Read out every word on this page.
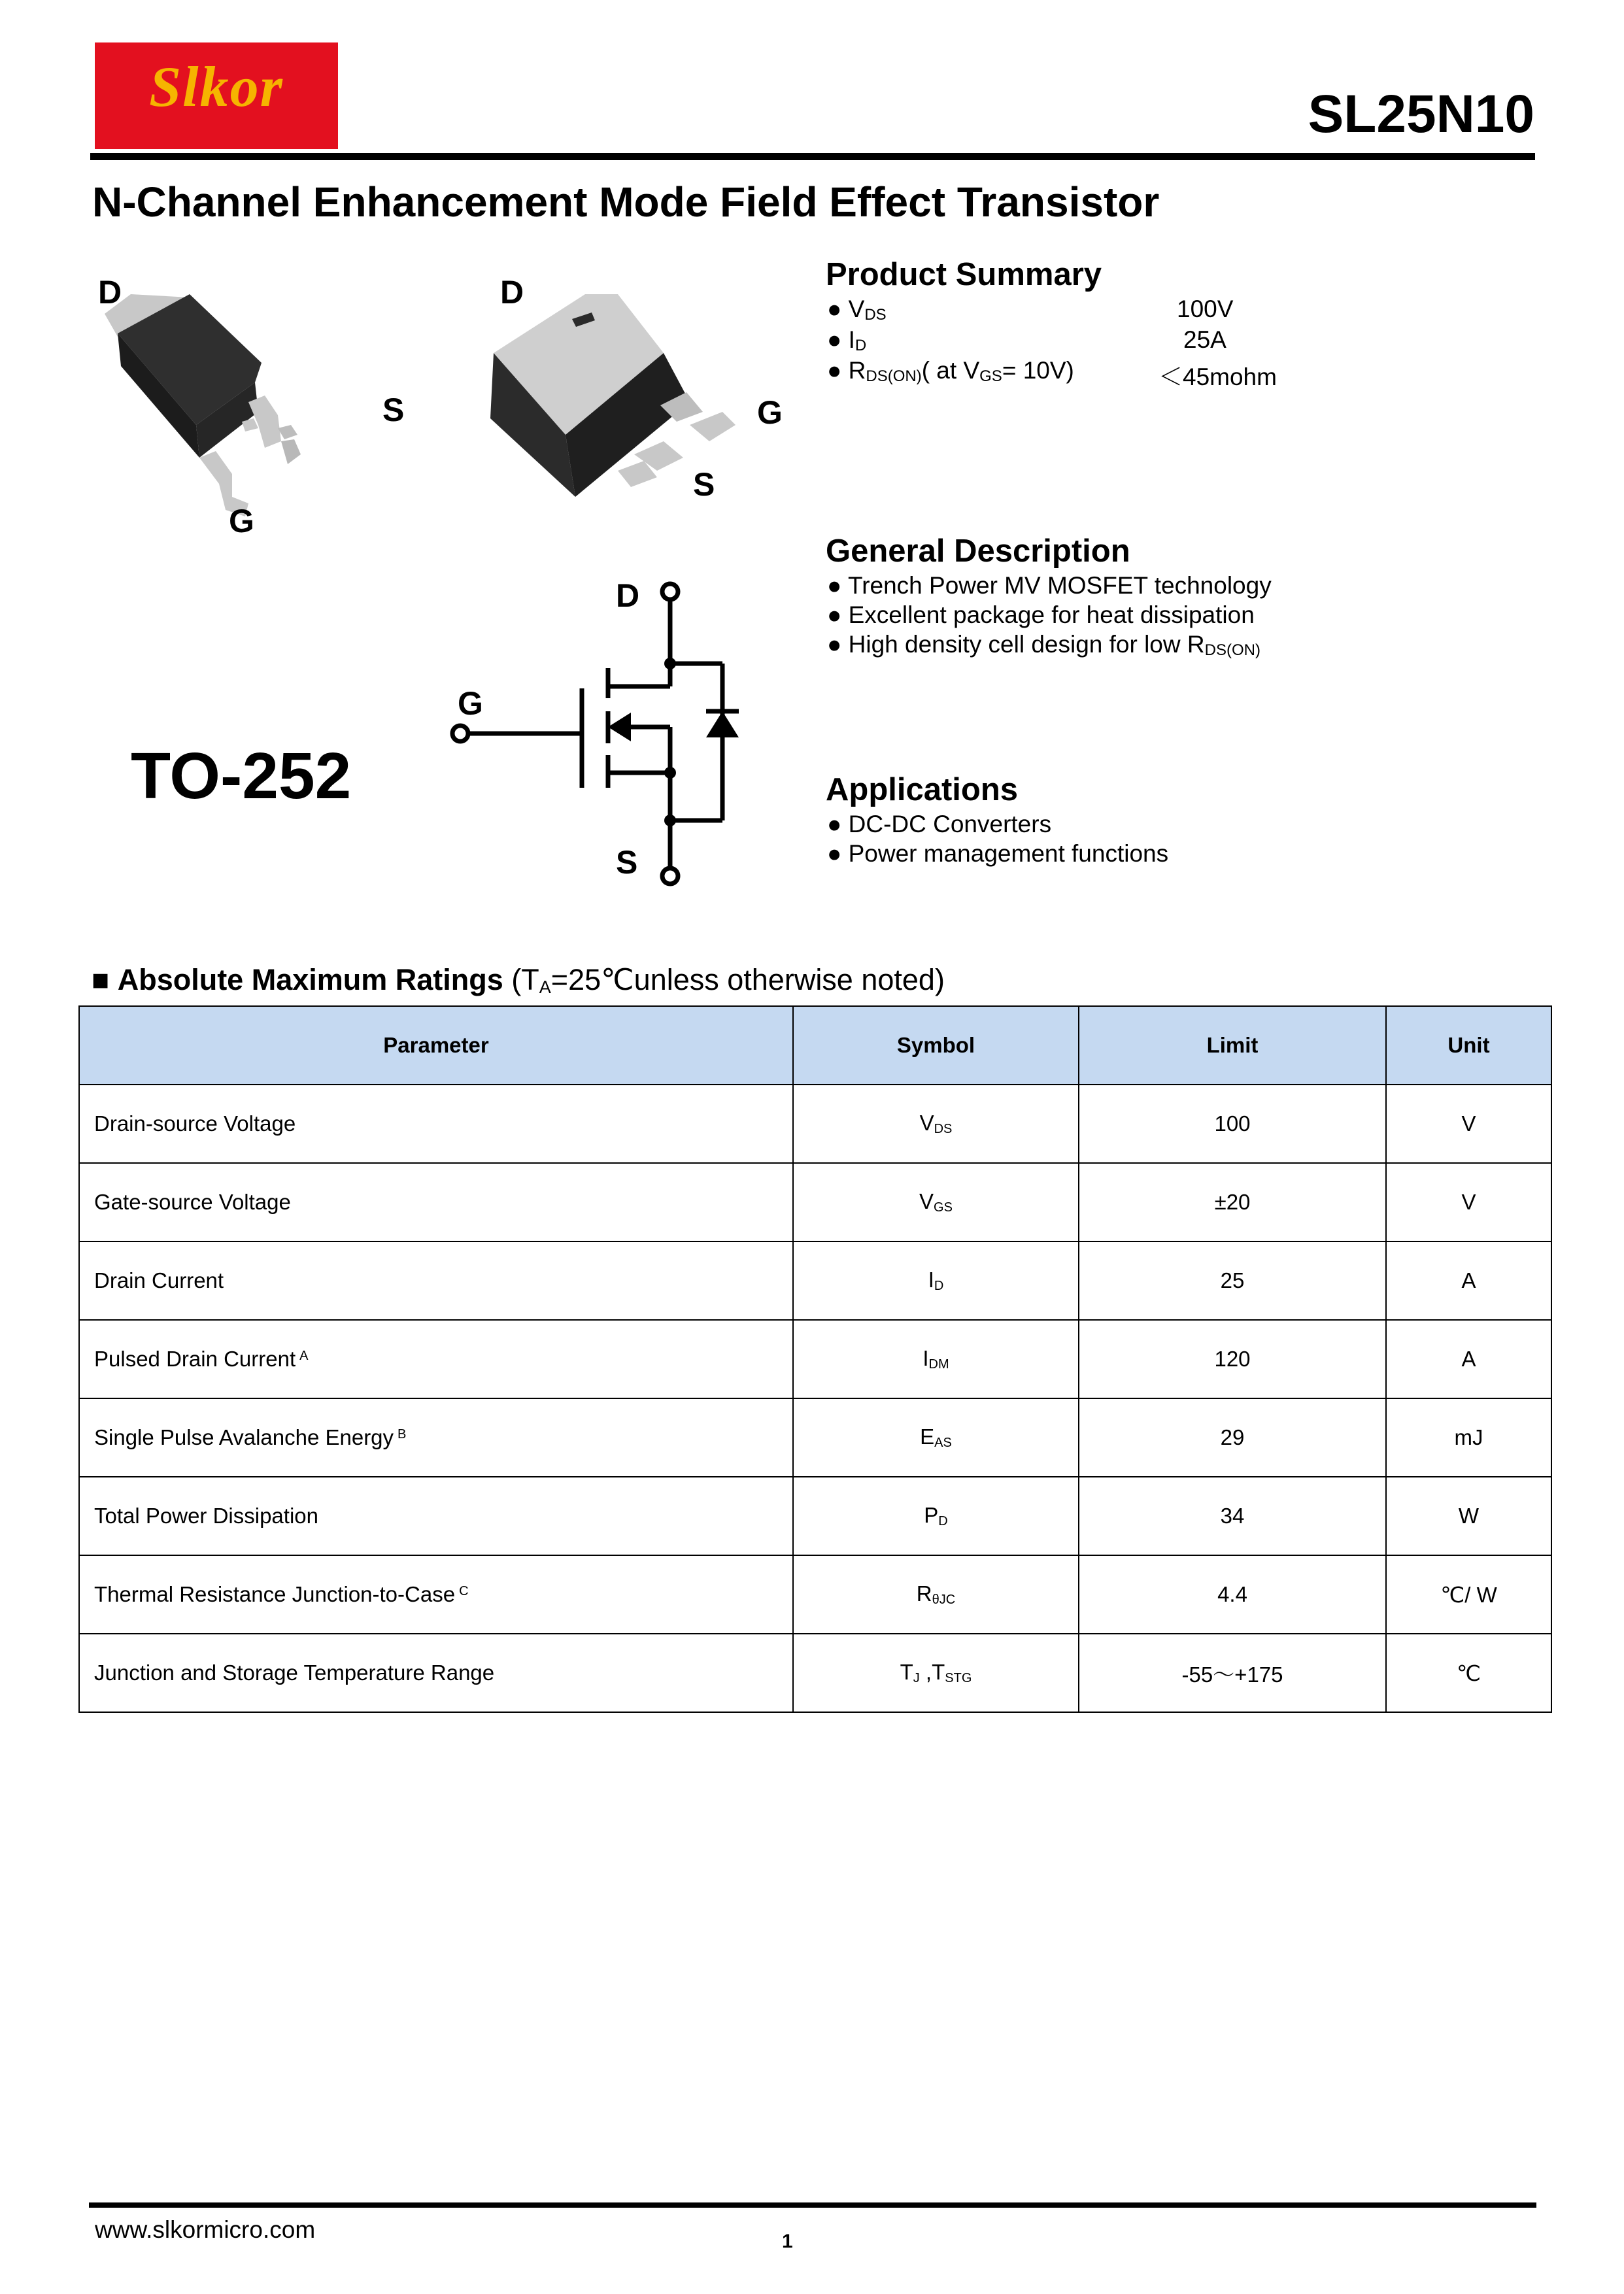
Slkor	SL25N10
N-Channel Enhancement Mode Field Effect Transistor
D
S
G
D
G
S
TO-252
D
G
S
Product Summary
● $V_{DS}$	100V
● $I_D$	25A
● $R_{DS(ON)}$( at $V_{GS}= 10V$)	＜45mohm
General Description
● Trench Power MV MOSFET technology
● Excellent package for heat dissipation
● High density cell design for low $R_{DS(ON)}$
Applications
● DC-DC Converters
● Power management functions
■ Absolute Maximum Ratings ($T_A=25℃unless$ otherwise noted)
Parameter	Symbol	Limit	Unit
Drain-source Voltage	$V_{DS}$	100	V
Gate-source Voltage	$V_{GS}$	±20	V
Drain Current	$I_D$	25	A
Pulsed Drain Current $^A$	$I_{DM}$	120	A
Single Pulse Avalanche Energy $^B$	$E_{AS}$	29	mJ
Total Power Dissipation	$P_D$	34	W
Thermal Resistance Junction-to-Case $^C$	$R_{\theta JC}$	4.4	℃/ W
Junction and Storage Temperature Range	$T_J$ $,T_{STG}$	-55～+175	℃
www.slkormicro.com	1
